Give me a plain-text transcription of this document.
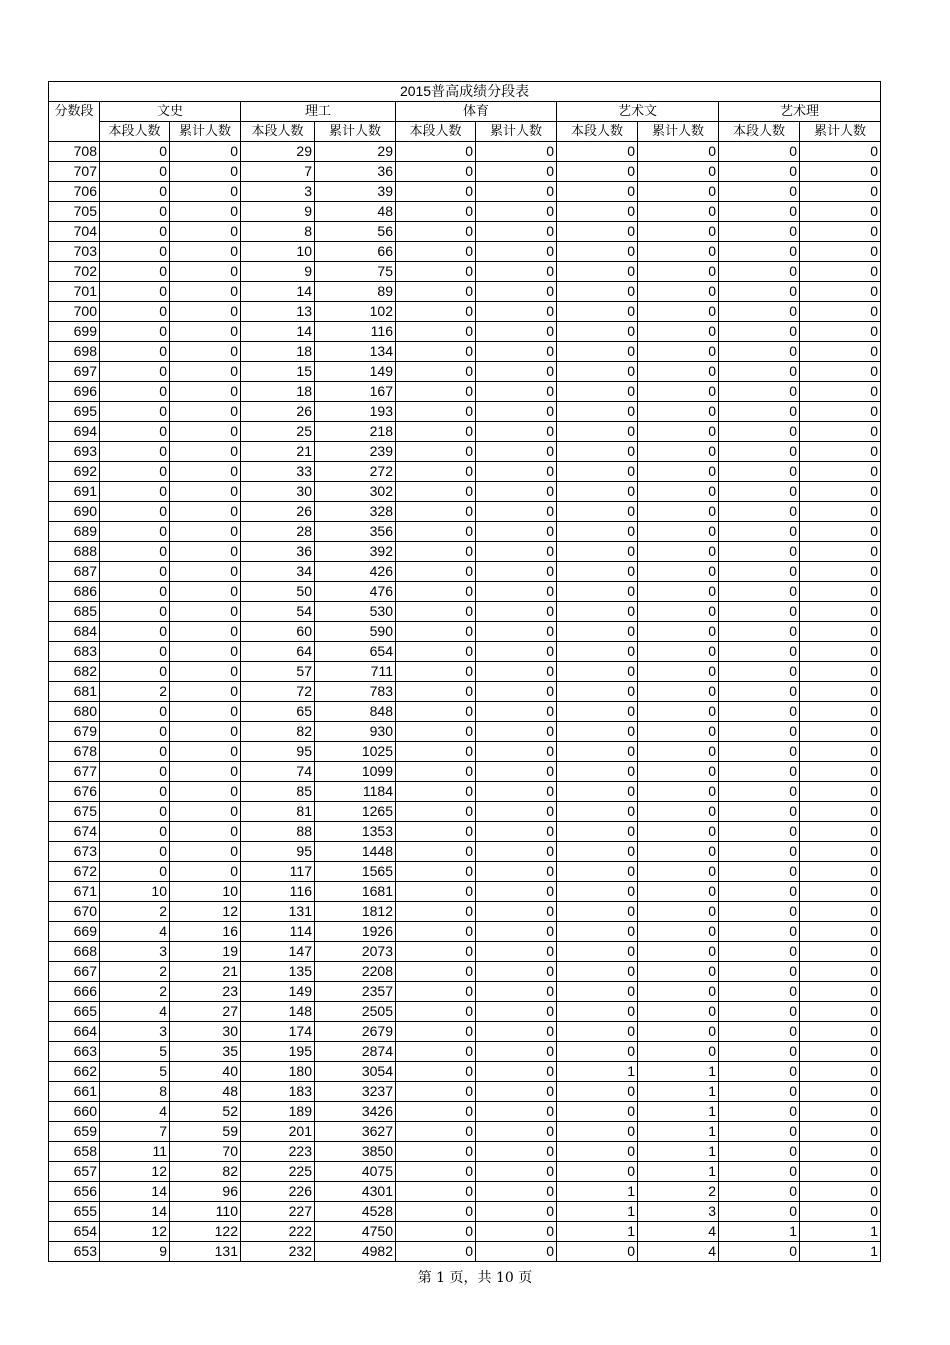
2015普高成绩分段表										
分数段	文史		理工		体育		艺术文		艺术理	
	本段人数	累计人数	本段人数	累计人数	本段人数	累计人数	本段人数	累计人数	本段人数	累计人数
708	0	0	29	29	0	0	0	0	0	0
707	0	0	7	36	0	0	0	0	0	0
706	0	0	3	39	0	0	0	0	0	0
705	0	0	9	48	0	0	0	0	0	0
704	0	0	8	56	0	0	0	0	0	0
703	0	0	10	66	0	0	0	0	0	0
702	0	0	9	75	0	0	0	0	0	0
701	0	0	14	89	0	0	0	0	0	0
700	0	0	13	102	0	0	0	0	0	0
699	0	0	14	116	0	0	0	0	0	0
698	0	0	18	134	0	0	0	0	0	0
697	0	0	15	149	0	0	0	0	0	0
696	0	0	18	167	0	0	0	0	0	0
695	0	0	26	193	0	0	0	0	0	0
694	0	0	25	218	0	0	0	0	0	0
693	0	0	21	239	0	0	0	0	0	0
692	0	0	33	272	0	0	0	0	0	0
691	0	0	30	302	0	0	0	0	0	0
690	0	0	26	328	0	0	0	0	0	0
689	0	0	28	356	0	0	0	0	0	0
688	0	0	36	392	0	0	0	0	0	0
687	0	0	34	426	0	0	0	0	0	0
686	0	0	50	476	0	0	0	0	0	0
685	0	0	54	530	0	0	0	0	0	0
684	0	0	60	590	0	0	0	0	0	0
683	0	0	64	654	0	0	0	0	0	0
682	0	0	57	711	0	0	0	0	0	0
681	2	0	72	783	0	0	0	0	0	0
680	0	0	65	848	0	0	0	0	0	0
679	0	0	82	930	0	0	0	0	0	0
678	0	0	95	1025	0	0	0	0	0	0
677	0	0	74	1099	0	0	0	0	0	0
676	0	0	85	1184	0	0	0	0	0	0
675	0	0	81	1265	0	0	0	0	0	0
674	0	0	88	1353	0	0	0	0	0	0
673	0	0	95	1448	0	0	0	0	0	0
672	0	0	117	1565	0	0	0	0	0	0
671	10	10	116	1681	0	0	0	0	0	0
670	2	12	131	1812	0	0	0	0	0	0
669	4	16	114	1926	0	0	0	0	0	0
668	3	19	147	2073	0	0	0	0	0	0
667	2	21	135	2208	0	0	0	0	0	0
666	2	23	149	2357	0	0	0	0	0	0
665	4	27	148	2505	0	0	0	0	0	0
664	3	30	174	2679	0	0	0	0	0	0
663	5	35	195	2874	0	0	0	0	0	0
662	5	40	180	3054	0	0	1	1	0	0
661	8	48	183	3237	0	0	0	1	0	0
660	4	52	189	3426	0	0	0	1	0	0
659	7	59	201	3627	0	0	0	1	0	0
658	11	70	223	3850	0	0	0	1	0	0
657	12	82	225	4075	0	0	0	1	0	0
656	14	96	226	4301	0	0	1	2	0	0
655	14	110	227	4528	0	0	1	3	0	0
654	12	122	222	4750	0	0	1	4	1	1
653	9	131	232	4982	0	0	0	4	0	1
第 1 页，共 10 页
